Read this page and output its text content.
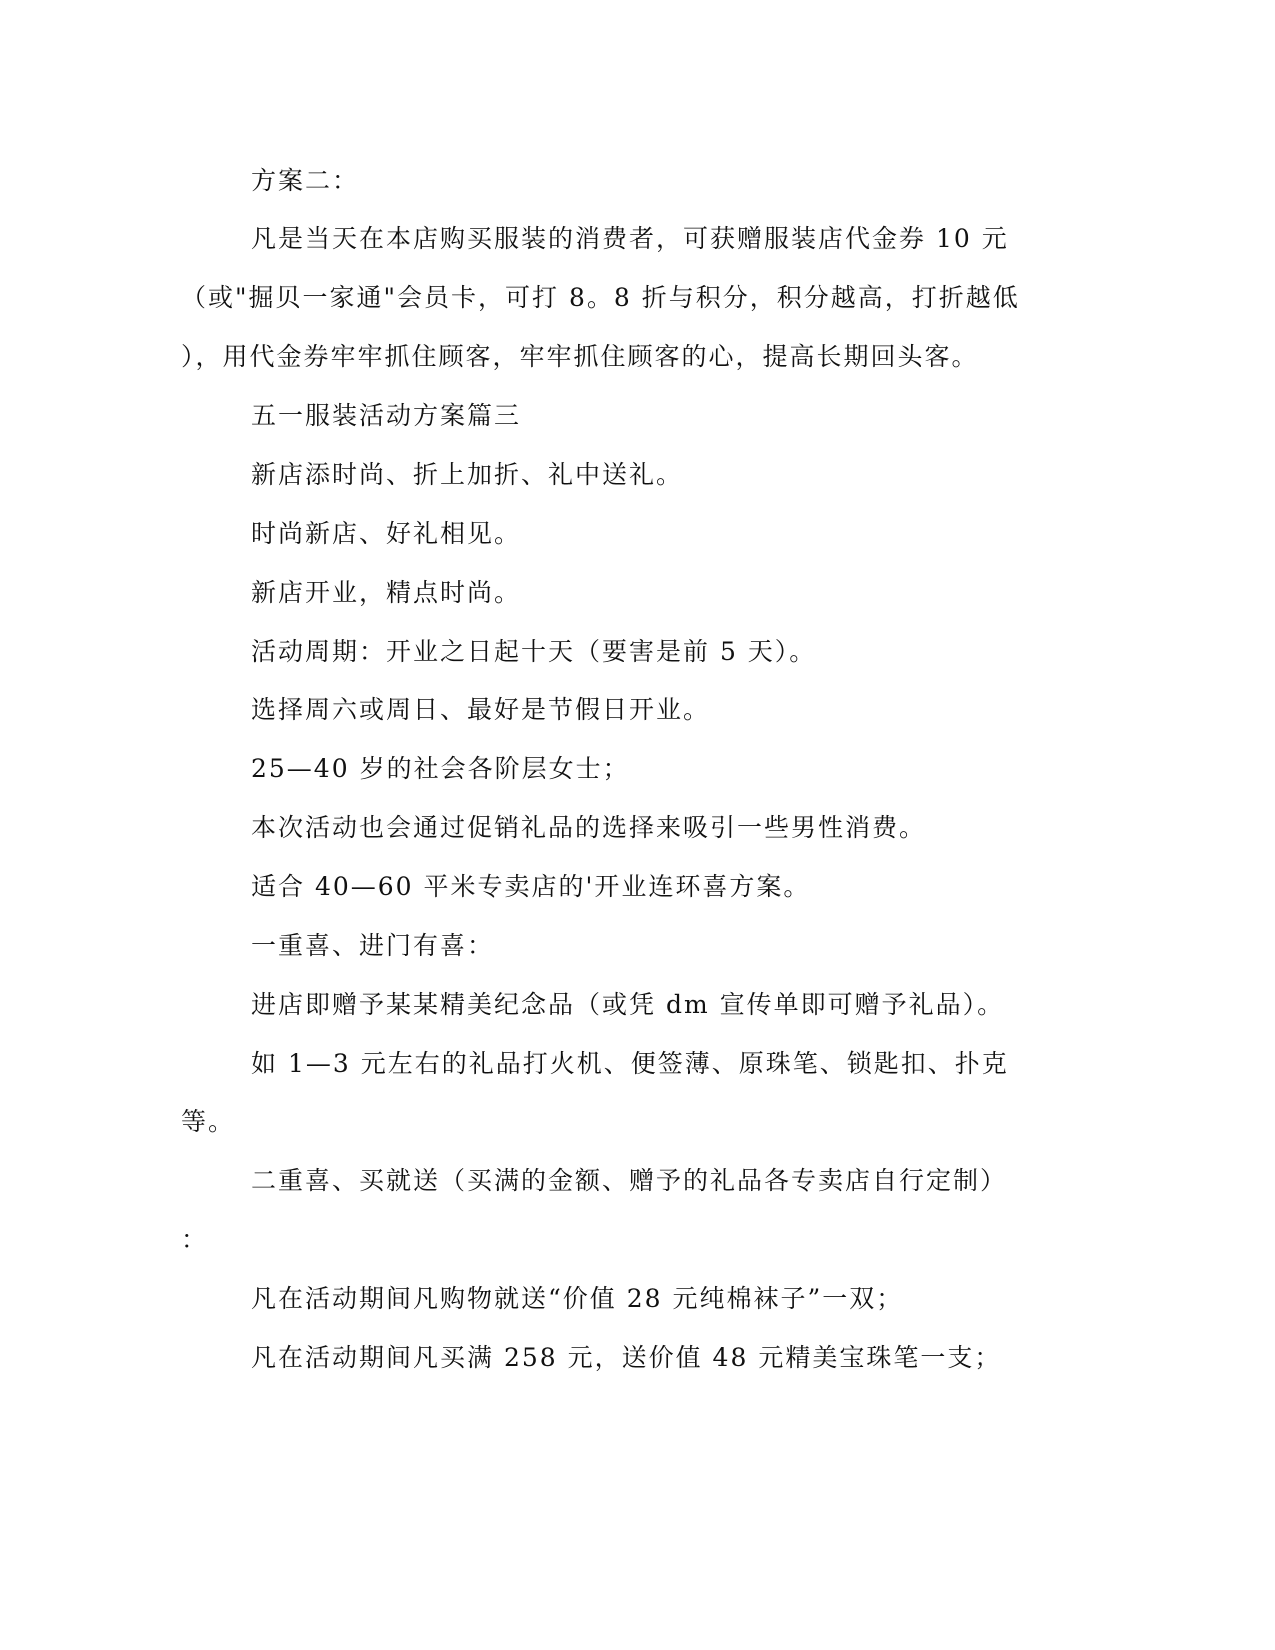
方案二：
凡是当天在本店购买服装的消费者，可获赠服装店代金券 10 元
（或"掘贝一家通"会员卡，可打 8。8 折与积分，积分越高，打折越低
），用代金券牢牢抓住顾客，牢牢抓住顾客的心，提高长期回头客。
五一服装活动方案篇三
新店添时尚、折上加折、礼中送礼。
时尚新店、好礼相见。
新店开业，精点时尚。
活动周期：开业之日起十天（要害是前 5 天）。
选择周六或周日、最好是节假日开业。
25—40 岁的社会各阶层女士；
本次活动也会通过促销礼品的选择来吸引一些男性消费。
适合 40—60 平米专卖店的'开业连环喜方案。
一重喜、进门有喜：
进店即赠予某某精美纪念品（或凭 dm 宣传单即可赠予礼品）。
如 1—3 元左右的礼品打火机、便签薄、原珠笔、锁匙扣、扑克
等。
二重喜、买就送（买满的金额、赠予的礼品各专卖店自行定制）
：
凡在活动期间凡购物就送“价值 28 元纯棉袜子”一双；
凡在活动期间凡买满 258 元，送价值 48 元精美宝珠笔一支；
